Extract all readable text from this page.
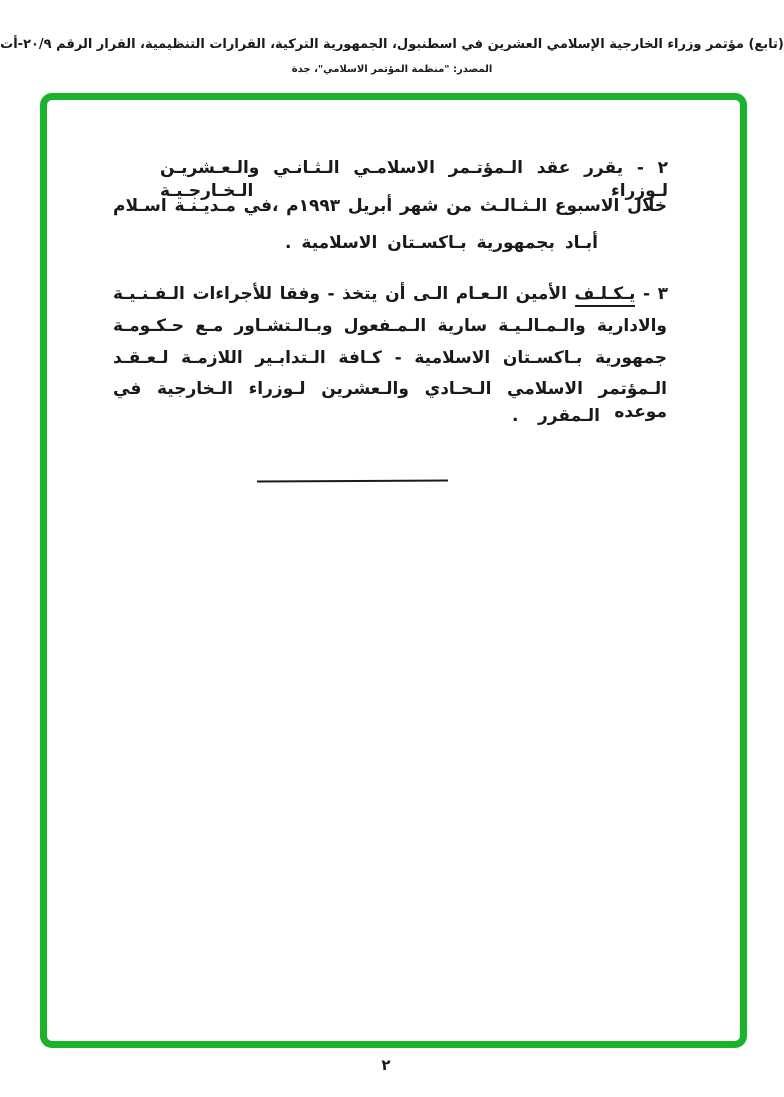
(تابع) مؤتمر وزراء الخارجية الإسلامي العشرين في اسطنبول، الجمهورية التركية، القرارات التنظيمية، القرار الرقم ٢٠/٩-أت
المصدر: "منظمة المؤتمر الاسلامي"، جدة
٢ - يقرر عقد الـمؤتـمر الاسلامـي الـثـانـي والـعـشريـن لـوزراء الـخـارجـيـة
خلال الاسبوع الـثـالـث من شهر أبريل ١٩٩٣م ،في مـديـنـة اسـلام
أبـاد بجمهورية بـاكسـتان الاسلامية .
٣ - يـكـلـف الأمين الـعـام الـى أن يتخذ - وفقا للأجراءات الـفـنـيـة
والادارية والـمـالـيـة سارية الـمـفعول وبـالـتشـاور مـع حـكـومـة
جمهورية بـاكسـتان الاسلامية - كـافة الـتدابـير اللازمـة لـعـقـد
الـمؤتمر الاسلامي الـحـادي والـعشرين لـوزراء الـخارجية في موعده
الـمقرر .
٢
